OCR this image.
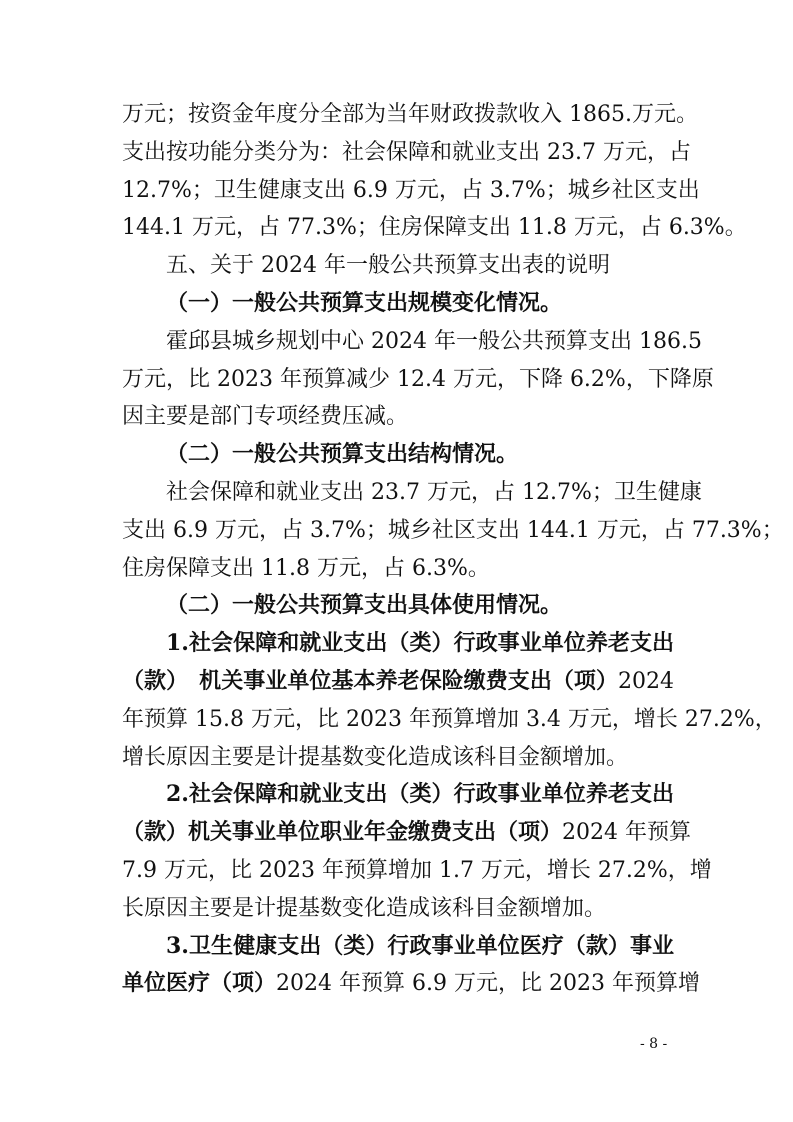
万元；按资金年度分全部为当年财政拨款收入 1865.万元。
支出按功能分类分为：社会保障和就业支出 23.7 万元，占
12.7%；卫生健康支出 6.9 万元，占 3.7%；城乡社区支出
144.1 万元，占 77.3%；住房保障支出 11.8 万元，占 6.3%。
五、关于 2024 年一般公共预算支出表的说明
（一）一般公共预算支出规模变化情况。
霍邱县城乡规划中心 2024 年一般公共预算支出 186.5
万元，比 2023 年预算减少 12.4 万元，下降 6.2%，下降原
因主要是部门专项经费压减。
（二）一般公共预算支出结构情况。
社会保障和就业支出 23.7 万元，占 12.7%；卫生健康
支出 6.9 万元，占 3.7%；城乡社区支出 144.1 万元，占 77.3%；
住房保障支出 11.8 万元，占 6.3%。
（二）一般公共预算支出具体使用情况。
1.社会保障和就业支出（类）行政事业单位养老支出
（款）　机关事业单位基本养老保险缴费支出（项）2024
年预算 15.8 万元，比 2023 年预算增加 3.4 万元，增长 27.2%，
增长原因主要是计提基数变化造成该科目金额增加。
2.社会保障和就业支出（类）行政事业单位养老支出
（款）机关事业单位职业年金缴费支出（项）2024 年预算
7.9 万元，比 2023 年预算增加 1.7 万元，增长 27.2%，增
长原因主要是计提基数变化造成该科目金额增加。
3.卫生健康支出（类）行政事业单位医疗（款）事业
单位医疗（项）2024 年预算 6.9 万元，比 2023 年预算增
- 8 -
